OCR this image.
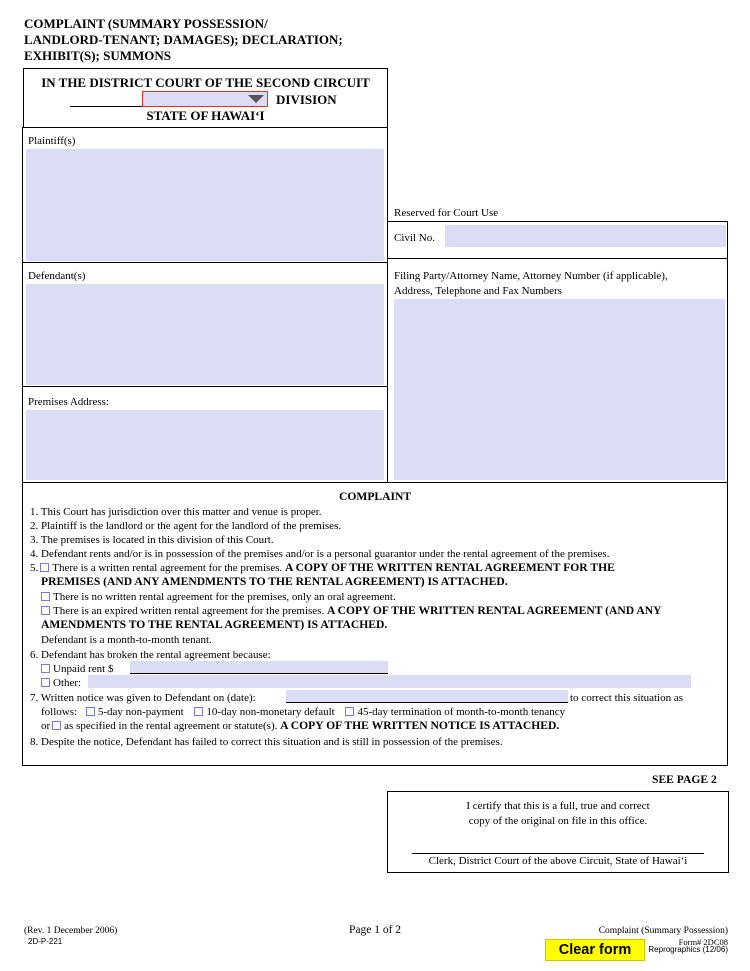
COMPLAINT (SUMMARY POSSESSION/
LANDLORD-TENANT; DAMAGES); DECLARATION;
EXHIBIT(S); SUMMONS
IN THE DISTRICT COURT OF THE SECOND CIRCUIT
DIVISION
STATE OF HAWAIʻI
Plaintiff(s)
Defendant(s)
Premises Address:
Reserved for Court Use
Civil No.
Filing Party/Attorney Name, Attorney Number (if applicable),
Address, Telephone and Fax Numbers
COMPLAINT
1. This Court has jurisdiction over this matter and venue is proper.
2. Plaintiff is the landlord or the agent for the landlord of the premises.
3. The premises is located in this division of this Court.
4. Defendant rents and/or is in possession of the premises and/or is a personal guarantor under the rental agreement of the premises.
5. There is a written rental agreement for the premises. A COPY OF THE WRITTEN RENTAL AGREEMENT FOR THE
PREMISES (AND ANY AMENDMENTS TO THE RENTAL AGREEMENT) IS ATTACHED.
There is no written rental agreement for the premises, only an oral agreement.
There is an expired written rental agreement for the premises. A COPY OF THE WRITTEN RENTAL AGREEMENT (AND ANY
AMENDMENTS TO THE RENTAL AGREEMENT) IS ATTACHED.
Defendant is a month-to-month tenant.
6. Defendant has broken the rental agreement because:
Unpaid rent $
Other:
7. Written notice was given to Defendant on (date):	to correct this situation as
follows: 5-day non-payment 10-day non-monetary default 45-day termination of month-to-month tenancy
or as specified in the rental agreement or statute(s). A COPY OF THE WRITTEN NOTICE IS ATTACHED.
8. Despite the notice, Defendant has failed to correct this situation and is still in possession of the premises.
SEE PAGE 2
I certify that this is a full, true and correct
copy of the original on file in this office.
Clerk, District Court of the above Circuit, State of Hawaiʻi
(Rev. 1 December 2006)
2D-P-221
Page 1 of 2	Complaint (Summary Possession)
Form# 2DC08
Reprographics (12/06)
Clear form
